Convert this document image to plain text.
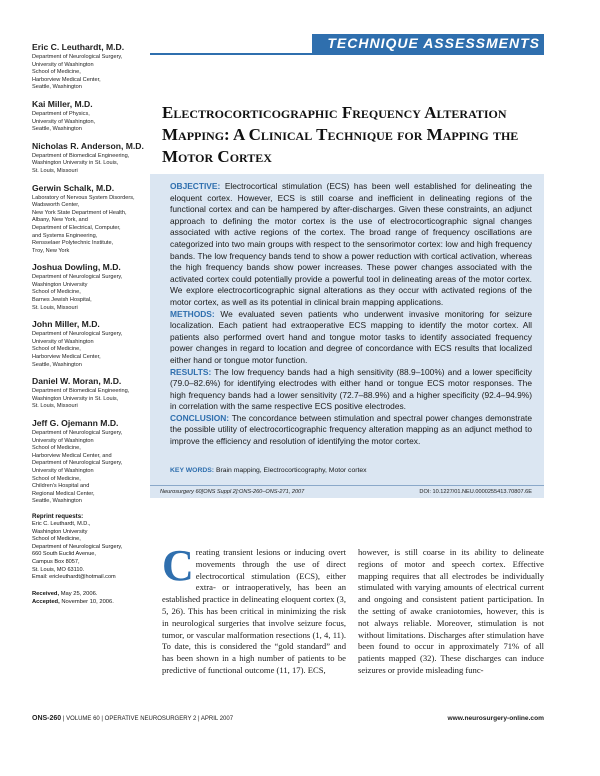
TECHNIQUE ASSESSMENTS
Eric C. Leuthardt, M.D.
Department of Neurological Surgery,
University of Washington
School of Medicine,
Harborview Medical Center,
Seattle, Washington
Kai Miller, M.D.
Department of Physics,
University of Washington,
Seattle, Washington
Nicholas R. Anderson, M.D.
Department of Biomedical Engineering,
Washington University in St. Louis,
St. Louis, Missouri
Gerwin Schalk, M.D.
Laboratory of Nervous System Disorders,
Wadsworth Center,
New York State Department of Health,
Albany, New York, and
Department of Electrical, Computer,
and Systems Engineering,
Rensselaer Polytechnic Institute,
Troy, New York
Joshua Dowling, M.D.
Department of Neurological Surgery,
Washington University
School of Medicine,
Barnes Jewish Hospital,
St. Louis, Missouri
John Miller, M.D.
Department of Neurological Surgery,
University of Washington
School of Medicine,
Harborview Medical Center,
Seattle, Washington
Daniel W. Moran, M.D.
Department of Biomedical Engineering,
Washington University in St. Louis,
St. Louis, Missouri
Jeff G. Ojemann M.D.
Department of Neurological Surgery,
University of Washington
School of Medicine,
Harborview Medical Center, and
Department of Neurological Surgery,
University of Washington
School of Medicine,
Children's Hospital and
Regional Medical Center,
Seattle, Washington
Reprint requests:
Eric C. Leuthardt, M.D.,
Washington University
School of Medicine,
Department of Neurological Surgery,
660 South Euclid Avenue,
Campus Box 8057,
St. Louis, MO 63110.
Email: ericleuthardt@hotmail.com
Received, May 25, 2006.
Accepted, November 10, 2006.
Electrocorticographic Frequency Alteration Mapping: A Clinical Technique for Mapping the Motor Cortex

OBJECTIVE: Electrocortical stimulation (ECS) has been well established for delineating the eloquent cortex. However, ECS is still coarse and inefficient in delineating regions of the functional cortex and can be hampered by after-discharges. Given these constraints, an adjunct approach to defining the motor cortex is the use of electrocorticographic signal changes associated with active regions of the cortex. The broad range of frequency oscillations are categorized into two main groups with respect to the sensorimotor cortex: low and high frequency bands. The low frequency bands tend to show a power reduction with cortical activation, whereas the high frequency bands show power increases. These power changes associated with the activated cortex could potentially provide a powerful tool in delineating areas of the motor cortex. We explore electrocorticographic signal alterations as they occur with activated regions of the motor cortex, as well as its potential in clinical brain mapping applications.

METHODS: We evaluated seven patients who underwent invasive monitoring for seizure localization. Each patient had extraoperative ECS mapping to identify the motor cortex. All patients also performed overt hand and tongue motor tasks to identify associated frequency power changes in regard to location and degree of concordance with ECS results that localized either hand or tongue motor function.

RESULTS: The low frequency bands had a high sensitivity (88.9–100%) and a lower specificity (79.0–82.6%) for identifying electrodes with either hand or tongue ECS motor responses. The high frequency bands had a lower sensitivity (72.7–88.9%) and a higher specificity (92.4–94.9%) in correlation with the same respective ECS positive electrodes.

CONCLUSION: The concordance between stimulation and spectral power changes demonstrate the possible utility of electrocorticographic frequency alteration mapping as an adjunct method to improve the efficiency and resolution of identifying the motor cortex.

KEY WORDS: Brain mapping, Electrocorticography, Motor cortex
Neurosurgery 60[ONS Suppl 2]:ONS-260–ONS-271, 2007	DOI: 10.1227/01.NEU.0000255413.70807.6E
Creating transient lesions or inducing overt movements through the use of direct electrocortical stimulation (ECS), either extra- or intraoperatively, has been an established practice in delineating eloquent cortex (3, 5, 26). This has been critical in minimizing the risk in neurological surgeries that involve seizure focus, tumor, or vascular malformation resections (1, 4, 11). To date, this is considered the “gold standard” and has been shown in a high number of patients to be predictive of functional outcome (11, 17). ECS,
however, is still coarse in its ability to delineate regions of motor and speech cortex. Effective mapping requires that all electrodes be individually stimulated with varying amounts of electrical current and ongoing and consistent patient participation. In the setting of awake craniotomies, however, this is not always reliable. Moreover, stimulation is not without limitations. Discharges after stimulation have been found to occur in approximately 71% of all patients mapped (32). These discharges can induce seizures or provide misleading func-
ONS-260 | VOLUME 60 | OPERATIVE NEUROSURGERY 2 | APRIL 2007	www.neurosurgery-online.com
